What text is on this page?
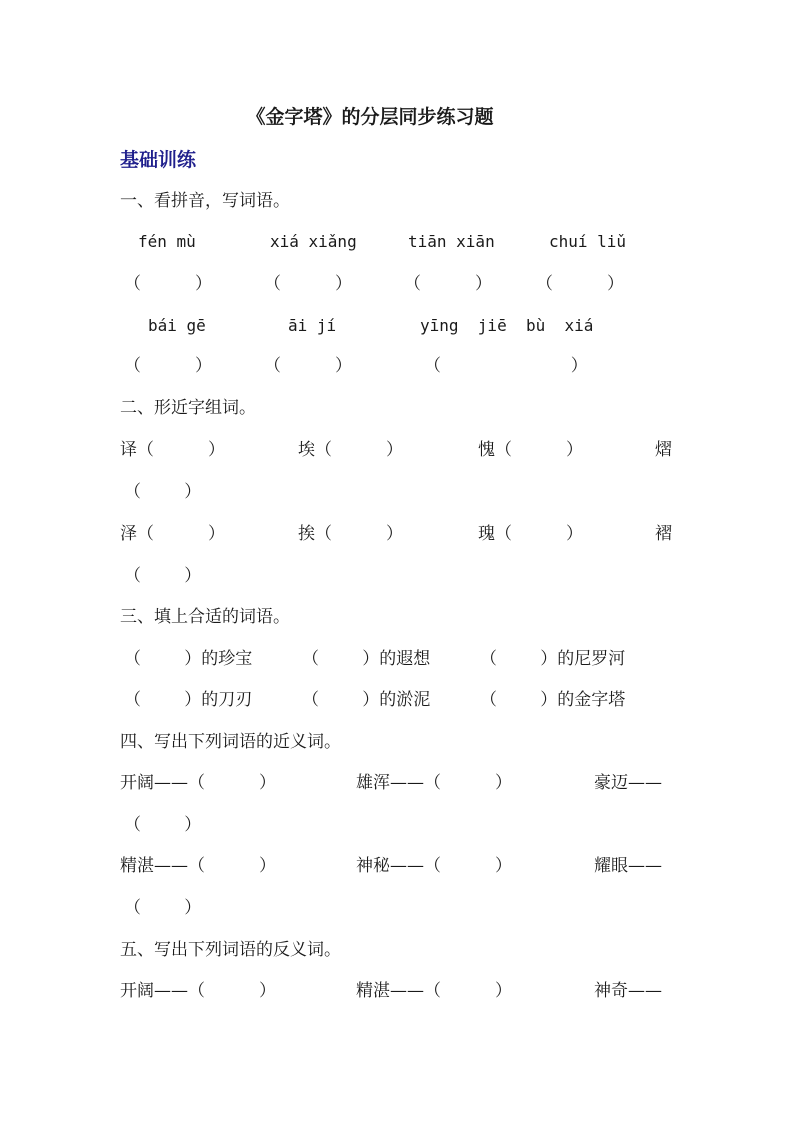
《金字塔》的分层同步练习题
基础训练
一、看拼音，写词语。
fén mù	xiá xiǎng	tiān xiān	chuí liǔ
（          ）	（          ）	（          ）	（          ）
bái gē	āi jí	yīng  jiē  bù  xiá
（          ）	（          ）	（                        ）
二、形近字组词。
译（          ）	埃（          ）	愧（          ）	熠
（        ）
泽（          ）	挨（          ）	瑰（          ）	褶
（        ）
三、填上合适的词语。
（        ）的珍宝	（        ）的遐想	（        ）的尼罗河
（        ）的刀刃	（        ）的淤泥	（        ）的金字塔
四、写出下列词语的近义词。
开阔——（          ）	雄浑——（          ）	豪迈——
（        ）
精湛——（          ）	神秘——（          ）	耀眼——
（        ）
五、写出下列词语的反义词。
开阔——（          ）	精湛——（          ）	神奇——
